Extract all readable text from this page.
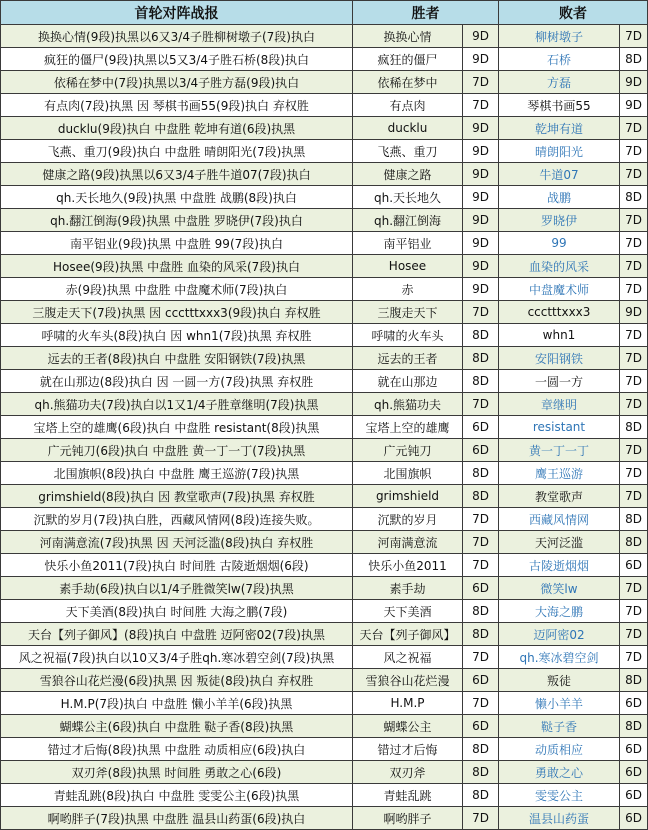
首轮对阵战报	胜者		败者	
换换心情(9段)执黑以6又3/4子胜柳树墩子(7段)执白	换换心情	9D	柳树墩子	7D
疯狂的僵尸(9段)执黑以5又3/4子胜石桥(8段)执白	疯狂的僵尸	9D	石桥	8D
依稀在梦中(7段)执黑以3/4子胜方磊(9段)执白	依稀在梦中	7D	方磊	9D
有点肉(7段)执黑 因 琴棋书画55(9段)执白 弃权胜	有点肉	7D	琴棋书画55	9D
ducklu(9段)执白 中盘胜 乾坤有道(6段)执黑	ducklu	9D	乾坤有道	7D
飞燕、重刀(9段)执白 中盘胜 晴朗阳光(7段)执黑	飞燕、重刀	9D	晴朗阳光	7D
健康之路(9段)执黑以6又3/4子胜牛道07(7段)执白	健康之路	9D	牛道07	7D
qh.天长地久(9段)执黑 中盘胜 战鹏(8段)执白	qh.天长地久	9D	战鹏	8D
qh.翻江倒海(9段)执黑 中盘胜 罗晓伊(7段)执白	qh.翻江倒海	9D	罗晓伊	7D
南平铝业(9段)执黑 中盘胜 99(7段)执白	南平铝业	9D	99	7D
Hosee(9段)执黑 中盘胜 血染的风采(7段)执白	Hosee	9D	血染的风采	7D
赤(9段)执黑 中盘胜 中盘魔术师(7段)执白	赤	9D	中盘魔术师	7D
三腹走天下(7段)执黑 因 ccctttxxx3(9段)执白 弃权胜	三腹走天下	7D	ccctttxxx3	9D
呼啸的火车头(8段)执白 因 whn1(7段)执黑 弃权胜	呼啸的火车头	8D	whn1	7D
远去的王者(8段)执白 中盘胜 安阳钢铁(7段)执黑	远去的王者	8D	安阳钢铁	7D
就在山那边(8段)执白 因 一圆一方(7段)执黑 弃权胜	就在山那边	8D	一圆一方	7D
qh.熊猫功夫(7段)执白以1又1/4子胜章继明(7段)执黑	qh.熊猫功夫	7D	章继明	7D
宝塔上空的雄鹰(6段)执白 中盘胜 resistant(8段)执黑	宝塔上空的雄鹰	6D	resistant	8D
广元钝刀(6段)执白 中盘胜 黄一丁一丁(7段)执黑	广元钝刀	6D	黄一丁一丁	7D
北围旗帜(8段)执白 中盘胜 鹰王巡游(7段)执黑	北围旗帜	8D	鹰王巡游	7D
grimshield(8段)执白 因 教堂歌声(7段)执黑 弃权胜	grimshield	8D	教堂歌声	7D
沉默的岁月(7段)执白胜，西藏风情网(8段)连接失败。	沉默的岁月	7D	西藏风情网	8D
河南满意流(7段)执黑 因 天河泛滥(8段)执白 弃权胜	河南满意流	7D	天河泛滥	8D
快乐小鱼2011(7段)执白 时间胜 古陵逝烟烟(6段)	快乐小鱼2011	7D	古陵逝烟烟	6D
素手劫(6段)执白以1/4子胜微笑lw(7段)执黑	素手劫	6D	微笑lw	7D
天下美酒(8段)执白 时间胜 大海之鹏(7段)	天下美酒	8D	大海之鹏	7D
天台【列子御风】(8段)执白 中盘胜 迈阿密02(7段)执黑	天台【列子御风】	8D	迈阿密02	7D
风之祝福(7段)执白以10又3/4子胜qh.寒冰碧空剑(7段)执黑	风之祝福	7D	qh.寒冰碧空剑	7D
雪狼谷山花烂漫(6段)执黑 因 叛徒(8段)执白 弃权胜	雪狼谷山花烂漫	6D	叛徒	8D
H.M.P(7段)执白 中盘胜 懒小羊羊(6段)执黑	H.M.P	7D	懒小羊羊	6D
蝴蝶公主(6段)执白 中盘胜 鞑子香(8段)执黑	蝴蝶公主	6D	鞑子香	8D
错过才后悔(8段)执黑 中盘胜 动质相应(6段)执白	错过才后悔	8D	动质相应	6D
双刃斧(8段)执黑 时间胜 勇敢之心(6段)	双刃斧	8D	勇敢之心	6D
青蛙乱跳(8段)执白 中盘胜 雯雯公主(6段)执黑	青蛙乱跳	8D	雯雯公主	6D
啊哟胖子(7段)执黑 中盘胜 温县山药蛋(6段)执白	啊哟胖子	7D	温县山药蛋	6D
